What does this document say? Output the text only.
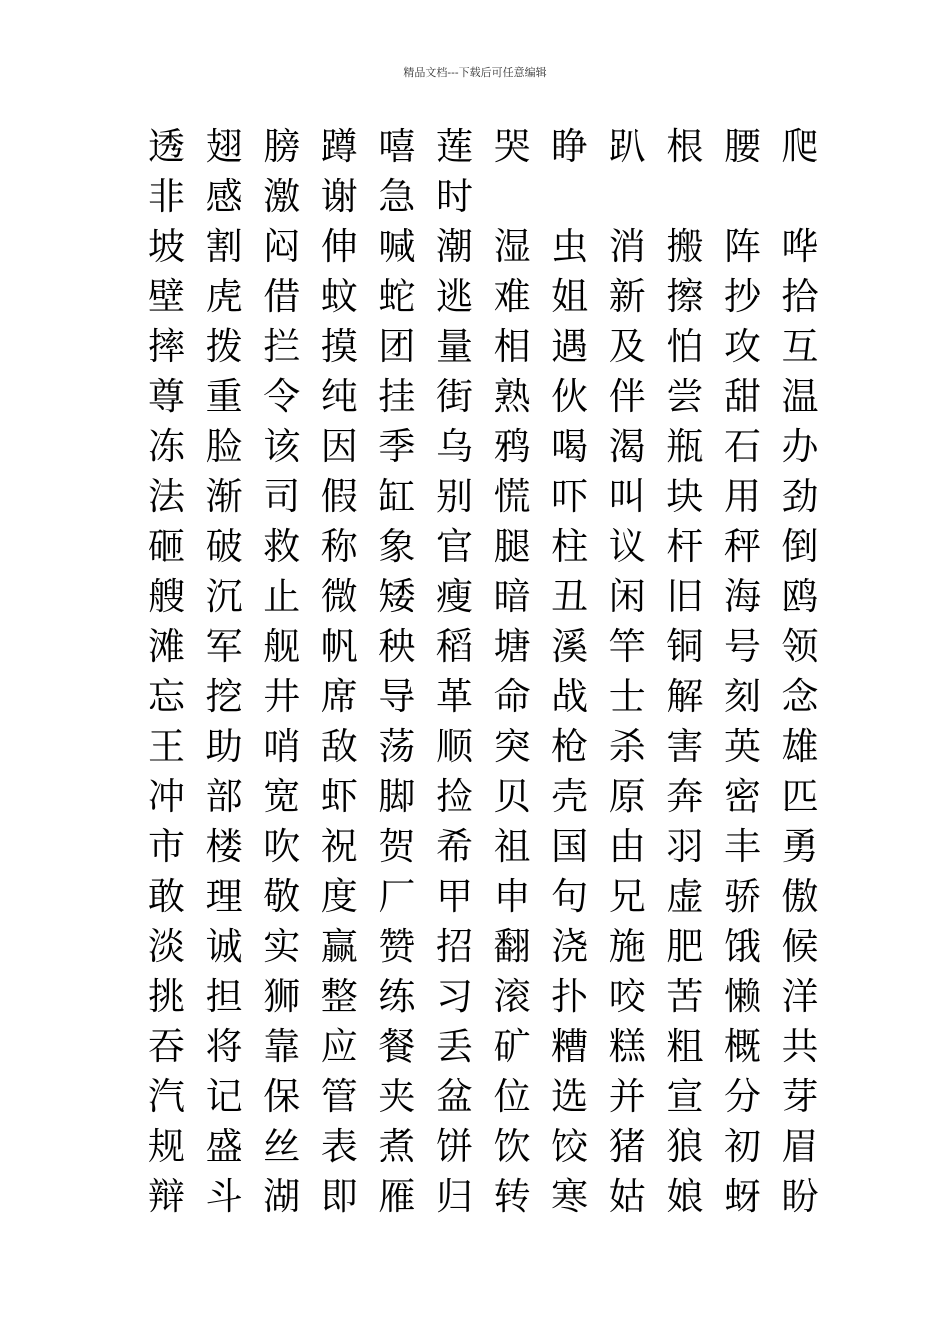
精品文档---下载后可任意编辑
透 翅 膀 蹲 嘻 莲 哭 睁 趴 根 腰 爬
非 感 激 谢 急 时
坡 割 闷 伸 喊 潮 湿 虫 消 搬 阵 哗
壁 虎 借 蚊 蛇 逃 难 姐 新 擦 抄 拾
摔 拨 拦 摸 团 量 相 遇 及 怕 攻 互
尊 重 令 纯 挂 街 熟 伙 伴 尝 甜 温
冻 脸 该 因 季 乌 鸦 喝 渴 瓶 石 办
法 渐 司 假 缸 别 慌 吓 叫 块 用 劲
砸 破 救 称 象 官 腿 柱 议 杆 秤 倒
艘 沉 止 微 矮 瘦 暗 丑 闲 旧 海 鸥
滩 军 舰 帆 秧 稻 塘 溪 竿 铜 号 领
忘 挖 井 席 导 革 命 战 士 解 刻 念
王 助 哨 敌 荡 顺 突 枪 杀 害 英 雄
冲 部 宽 虾 脚 捡 贝 壳 原 奔 密 匹
市 楼 吹 祝 贺 希 祖 国 由 羽 丰 勇
敢 理 敬 度 厂 甲 申 句 兄 虚 骄 傲
淡 诚 实 赢 赞 招 翻 浇 施 肥 饿 候
挑 担 狮 整 练 习 滚 扑 咬 苦 懒 洋
吞 将 靠 应 餐 丢 矿 糟 糕 粗 概 共
汽 记 保 管 夹 盆 位 选 并 宣 分 芽
规 盛 丝 表 煮 饼 饮 饺 猪 狼 初 眉
辩 斗 湖 即 雁 归 转 寒 姑 娘 蚜 盼
